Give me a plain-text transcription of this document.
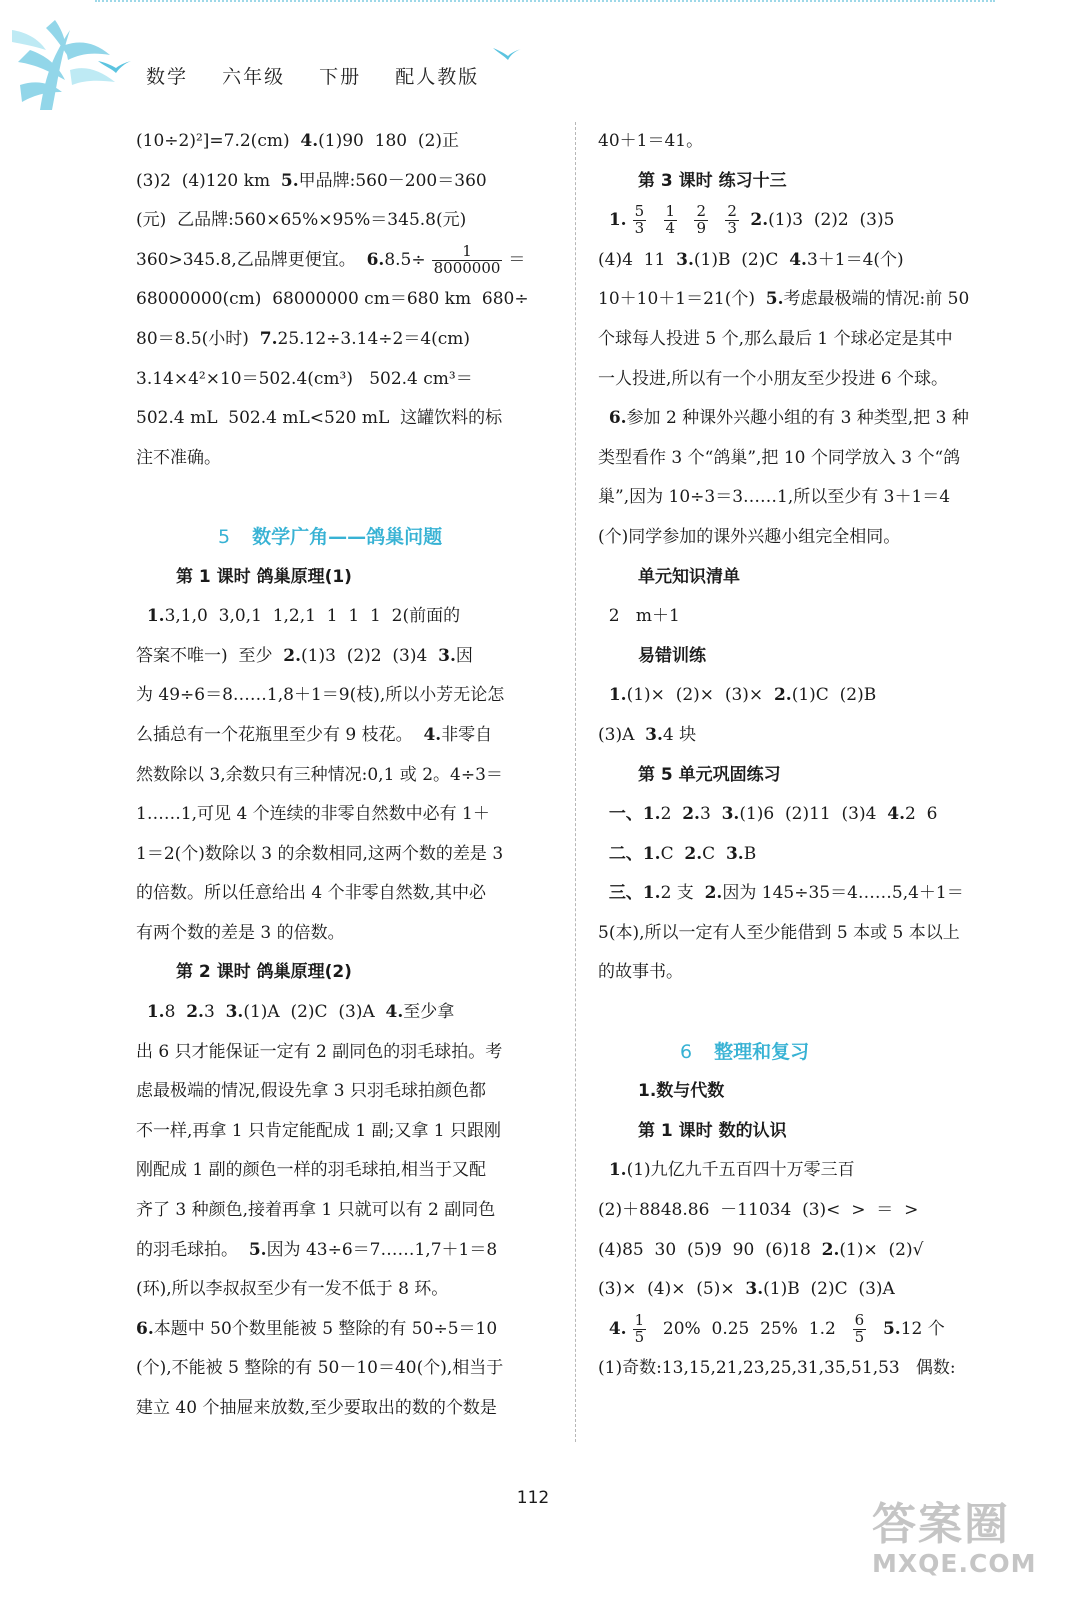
数学 六年级 下册 配人教版
(10÷2)²]=7.2(cm)  4.(1)90  180  (2)正
(3)2  (4)120 km  5.甲品牌:560－200＝360
(元)  乙品牌:560×65%×95%＝345.8(元)
360>345.8,乙品牌更便宜。  $6.8.5\div \frac{1}{8000000}$ ＝
68000000(cm)  68000000 cm＝680 km  680÷
80＝8.5(小时)  7.25.12÷3.14÷2＝4(cm)
3.14×4²×10＝502.4(cm³)   502.4 cm³＝
502.4 mL  502.4 mL<520 mL  这罐饮料的标
注不准确。

5 数学广角——鸽巢问题
第 1 课时 鸽巢原理(1)
1.3,1,0  3,0,1  1,2,1  1  1  1  2(前面的
答案不唯一)  至少  2.(1)3  (2)2  (3)4  3.因
为 49÷6＝8……1,8＋1＝9(枝),所以小芳无论怎
么插总有一个花瓶里至少有 9 枝花。  4.非零自
然数除以 3,余数只有三种情况:0,1 或 2。4÷3＝
1……1,可见 4 个连续的非零自然数中必有 1＋
1＝2(个)数除以 3 的余数相同,这两个数的差是 3
的倍数。所以任意给出 4 个非零自然数,其中必
有两个数的差是 3 的倍数。
第 2 课时 鸽巢原理(2)
1.8  2.3  3.(1)A  (2)C  (3)A  4.至少拿
出 6 只才能保证一定有 2 副同色的羽毛球拍。考
虑最极端的情况,假设先拿 3 只羽毛球拍颜色都
不一样,再拿 1 只肯定能配成 1 副;又拿 1 只跟刚
刚配成 1 副的颜色一样的羽毛球拍,相当于又配
齐了 3 种颜色,接着再拿 1 只就可以有 2 副同色
的羽毛球拍。  5.因为 43÷6＝7……1,7＋1＝8
(环),所以李叔叔至少有一发不低于 8 环。
6.本题中 50个数里能被 5 整除的有 50÷5＝10
(个),不能被 5 整除的有 50－10＝40(个),相当于
建立 40 个抽屉来放数,至少要取出的数的个数是
40＋1＝41。
第 3 课时 练习十三
1. $\frac{5}{3}$
$\frac{1}{4}$
$\frac{2}{9}$
$\frac{2}{3} 2.(1)3$  (2)2  (3)5
(4)4  11  3.(1)B  (2)C  4.3＋1＝4(个)
10＋10＋1＝21(个)  5.考虑最极端的情况:前 50
个球每人投进 5 个,那么最后 1 个球必定是其中
一人投进,所以有一个小朋友至少投进 6 个球。
6.参加 2 种课外兴趣小组的有 3 种类型,把 3 种
类型看作 3 个“鸽巢”,把 10 个同学放入 3 个“鸽
巢”,因为 10÷3＝3……1,所以至少有 3＋1＝4
(个)同学参加的课外兴趣小组完全相同。
单元知识清单
2   m＋1
易错训练
1.(1)×  (2)×  (3)×  2.(1)C  (2)B
(3)A  3.4 块
第 5 单元巩固练习
一、1.2  2.3  3.(1)6  (2)11  (3)4  4.2  6
二、1.C  2.C  3.B
三、1.2 支  2.因为 145÷35＝4……5,4＋1＝
5(本),所以一定有人至少能借到 5 本或 5 本以上
的故事书。

6 整理和复习
1.数与代数
第 1 课时 数的认识
1.(1)九亿九千五百四十万零三百
(2)＋8848.86  －11034  (3)<  >  ＝  >
(4)85  30  (5)9  90  (6)18  2.(1)×  (2)√
(3)×  (4)×  (5)×  3.(1)B  (2)C  (3)A
4. $\frac{1}{5} 20\%$  0.25  25%  $1.2 \frac{6}{5} 5.12$ 个
(1)奇数:13,15,21,23,25,31,35,51,53   偶数:
112
答案圈
MXQE.COM
